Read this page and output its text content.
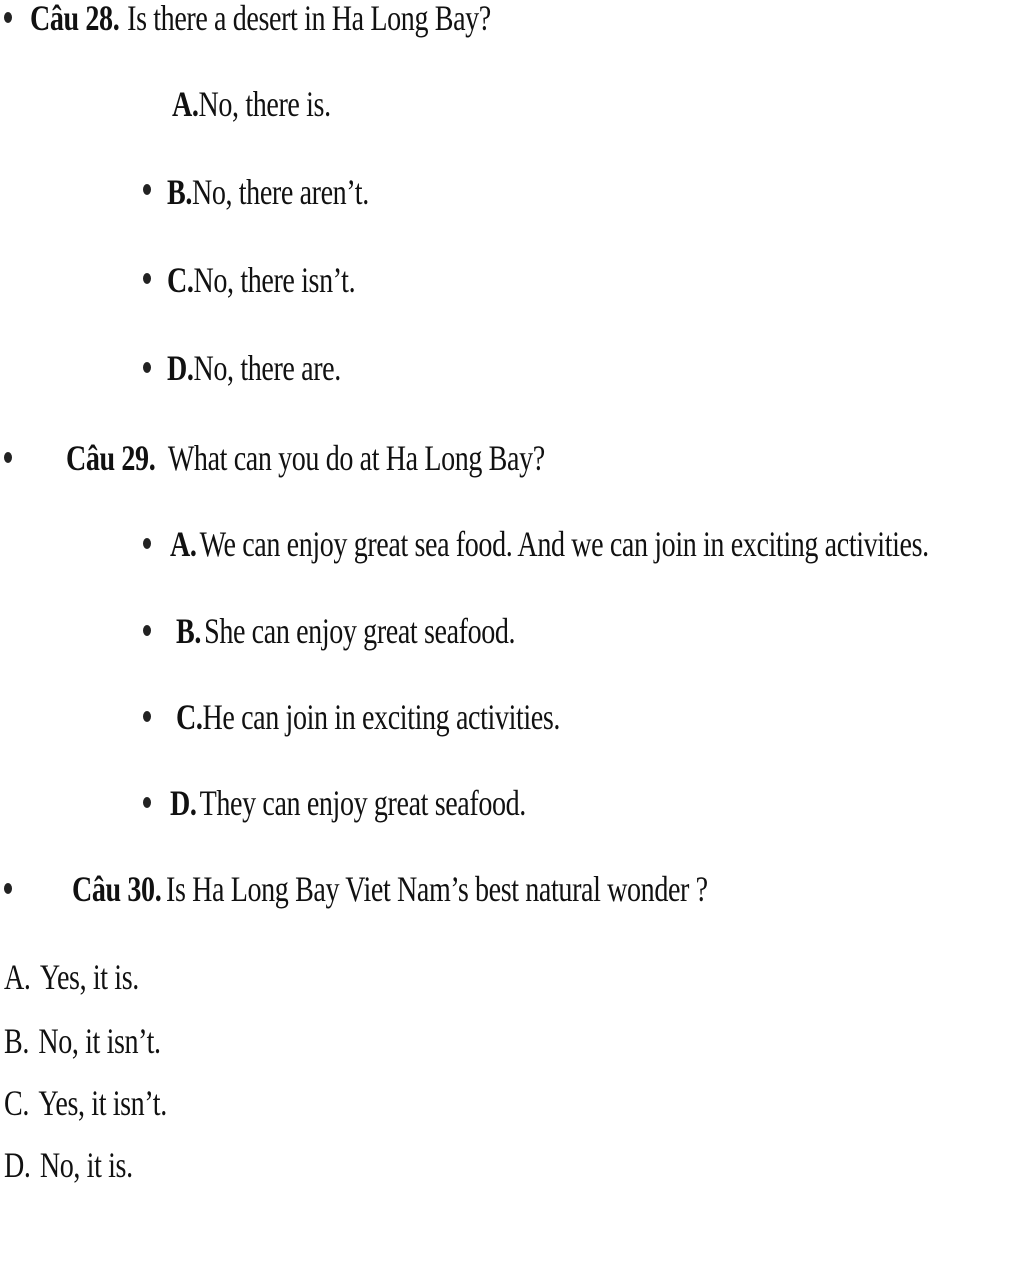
Câu 28. Is there a desert in Ha Long Bay?
A.No, there is.
B.No, there aren’t.
C.No, there isn’t.
D.No, there are.
Câu 29. What can you do at Ha Long Bay?
A.We can enjoy great sea food. And we can join in exciting activities.
B.She can enjoy great seafood.
C.He can join in exciting activities.
D.They can enjoy great seafood.
Câu 30. Is Ha Long Bay Viet Nam’s best natural wonder ?
A. Yes, it is.
B. No, it isn’t.
C. Yes, it isn’t.
D. No, it is.
